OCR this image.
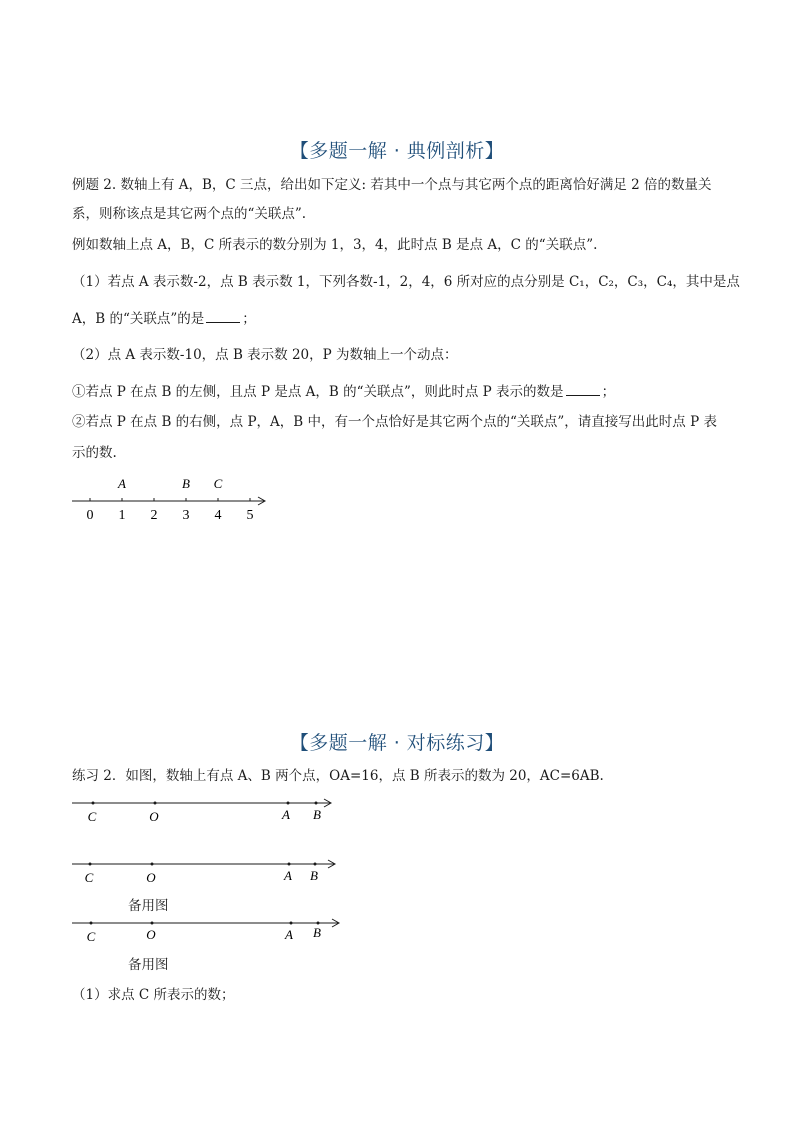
【多题一解 · 典例剖析】
例题 2. 数轴上有 A，B，C 三点，给出如下定义: 若其中一个点与其它两个点的距离恰好满足 2 倍的数量关
系，则称该点是其它两个点的“关联点”.
例如数轴上点 A，B，C 所表示的数分别为 1，3，4，此时点 B 是点 A，C 的“关联点”.
（1）若点 A 表示数-2，点 B 表示数 1，下列各数-1，2，4，6 所对应的点分别是 C₁，C₂，C₃，C₄，其中是点
A，B 的“关联点”的是	；
（2）点 A 表示数-10，点 B 表示数 20，P 为数轴上一个动点：
①若点 P 在点 B 的左侧，且点 P 是点 A，B 的“关联点”，则此时点 P 表示的数是	；
②若点 P 在点 B 的右侧，点 P，A，B 中，有一个点恰好是其它两个点的“关联点”，请直接写出此时点 P 表
示的数.
0 1 2 3 4 5
A	B C
【多题一解 · 对标练习】
练习 2．如图，数轴上有点 A、B 两个点，OA=16，点 B 所表示的数为 20，AC=6AB.
C	O	A B
C	O	A B
备用图
C	O	A B
备用图
（1）求点 C 所表示的数；
